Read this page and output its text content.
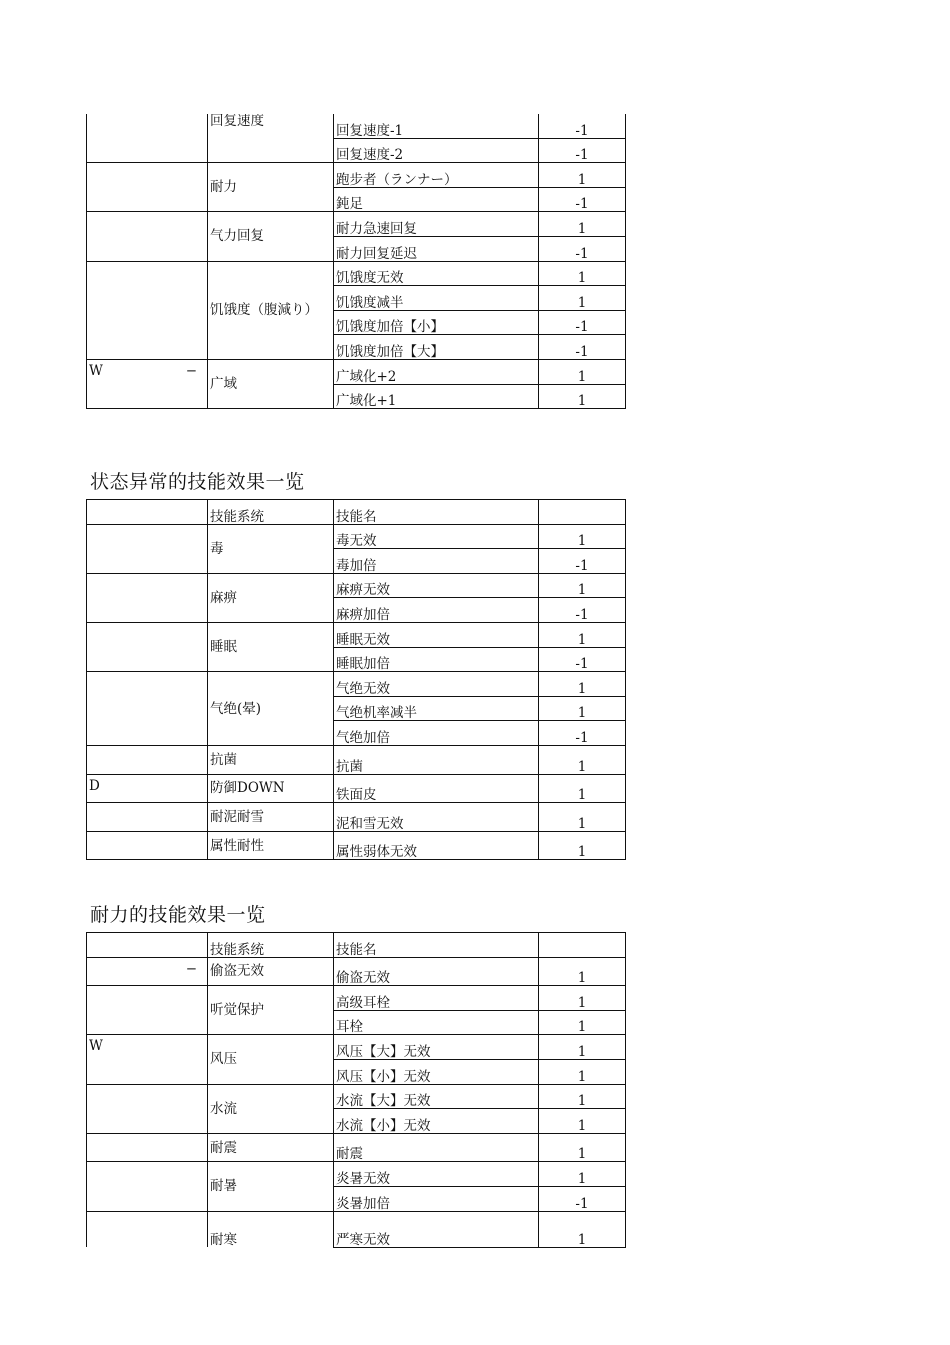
	回复速度	回复速度-1	-1
		回复速度-2	-1
	耐力	跑步者（ランナー）	1
		鈍足	-1
	气力回复	耐力急速回复	1
		耐力回复延迟	-1
	饥饿度（腹減り）	饥饿度无效	1
		饥饿度减半	1
		饥饿度加倍【小】	-1
		饥饿度加倍【大】	-1

W −	广域	广域化+2	1
		广域化+1	1
状态异常的技能效果一览
	技能系统	技能名	
	毒	毒无效	1
		毒加倍	-1
	麻痹	麻痹无效	1
		麻痹加倍	-1
	睡眠	睡眠无效	1
		睡眠加倍	-1
	气绝(晕)	气绝无效	1
		气绝机率减半	1
		气绝加倍	-1
	抗菌	抗菌	1

D	防御DOWN	铁面皮	1
	耐泥耐雪	泥和雪无效	1
	属性耐性	属性弱体无效	1
耐力的技能效果一览
	技能系统	技能名	

−	偷盗无效	偷盗无效	1
	听觉保护	高级耳栓	1
		耳栓	1

W	风压	风压【大】无效	1
		风压【小】无效	1
	水流	水流【大】无效	1
		水流【小】无效	1
	耐震	耐震	1
	耐暑	炎暑无效	1
		炎暑加倍	-1
	耐寒	严寒无效	1
